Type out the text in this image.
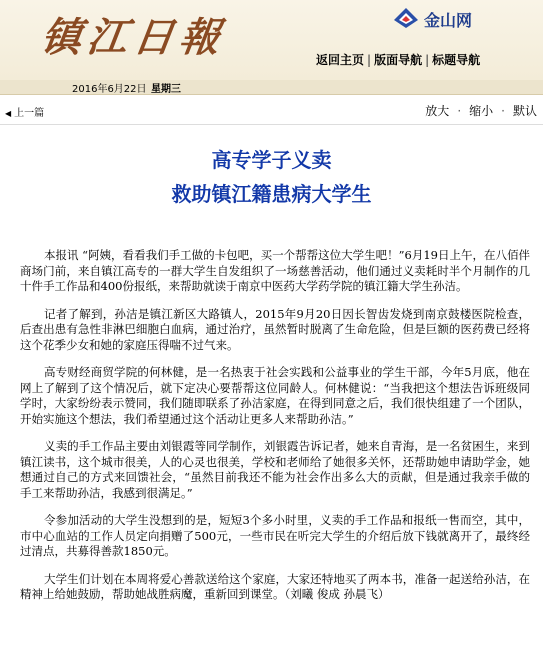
镇江日報	金山网
返回主页 | 版面导航 | 标题导航
2016年6月22日 星期三
◀ 上一篇	放大 · 缩小 · 默认
高专学子义卖
救助镇江籍患病大学生

本报讯 “阿姨，看看我们手工做的卡包吧，买一个帮帮这位大学生吧！”6月19日上午，在八佰伴商场门前，来自镇江高专的一群大学生自发组织了一场慈善活动，他们通过义卖耗时半个月制作的几十件手工作品和400份报纸，来帮助就读于南京中医药大学药学院的镇江籍大学生孙洁。

记者了解到，孙洁是镇江新区大路镇人，2015年9月20日因长智齿发烧到南京鼓楼医院检查，后查出患有急性非淋巴细胞白血病，通过治疗，虽然暂时脱离了生命危险，但是巨额的医药费已经将这个花季少女和她的家庭压得喘不过气来。

高专财经商贸学院的何林健，是一名热衷于社会实践和公益事业的学生干部，今年5月底，他在网上了解到了这个情况后，就下定决心要帮帮这位同龄人。何林健说：“当我把这个想法告诉班级同学时，大家纷纷表示赞同，我们随即联系了孙洁家庭，在得到同意之后，我们很快组建了一个团队，开始实施这个想法，我们希望通过这个活动让更多人来帮助孙洁。”

义卖的手工作品主要由刘银霞等同学制作，刘银霞告诉记者，她来自青海，是一名贫困生，来到镇江读书，这个城市很美，人的心灵也很美，学校和老师给了她很多关怀，还帮助她申请助学金，她想通过自己的方式来回馈社会，“虽然目前我还不能为社会作出多么大的贡献，但是通过我亲手做的手工来帮助孙洁，我感到很满足。”

令参加活动的大学生没想到的是，短短3个多小时里，义卖的手工作品和报纸一售而空，其中，市中心血站的工作人员定向捐赠了500元，一些市民在听完大学生的介绍后放下钱就离开了，最终经过清点，共募得善款1850元。

大学生们计划在本周将爱心善款送给这个家庭，大家还特地买了两本书，准备一起送给孙洁，在精神上给她鼓励，帮助她战胜病魔，重新回到课堂。（刘曦 俊成 孙晨飞）
